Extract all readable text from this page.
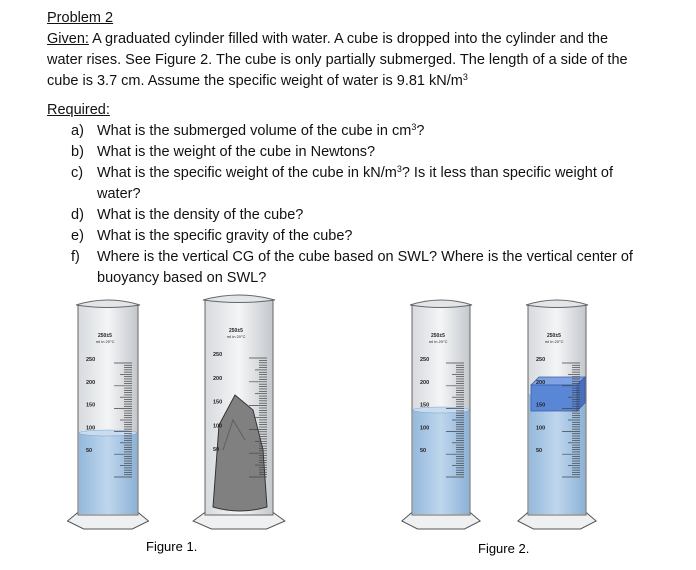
Problem 2
Given: A graduated cylinder filled with water. A cube is dropped into the cylinder and the
water rises. See Figure 2. The cube is only partially submerged. The length of a side of the
cube is 3.7 cm. Assume the specific weight of water is 9.81 $kN/m^3$
Required:
a) What is the submerged volume of the cube in $cm^3$?
b) What is the weight of the cube in Newtons?
c) What is the specific weight of the cube in $kN/m^3$? Is it less than specific weight of
water?
d) What is the density of the cube?
e) What is the specific gravity of the cube?
f) Where is the vertical CG of the cube based on SWL? Where is the vertical center of
buoyancy based on SWL?
250
200
150
100
50
250±5
ml in 20°C
250
200
150
100
50
250±5
ml in 20°C
250
200
150
100
50
250±5
ml in 20°C
250
200
150
100
50
250±5
ml in 20°C
Figure 1.	Figure 2.
